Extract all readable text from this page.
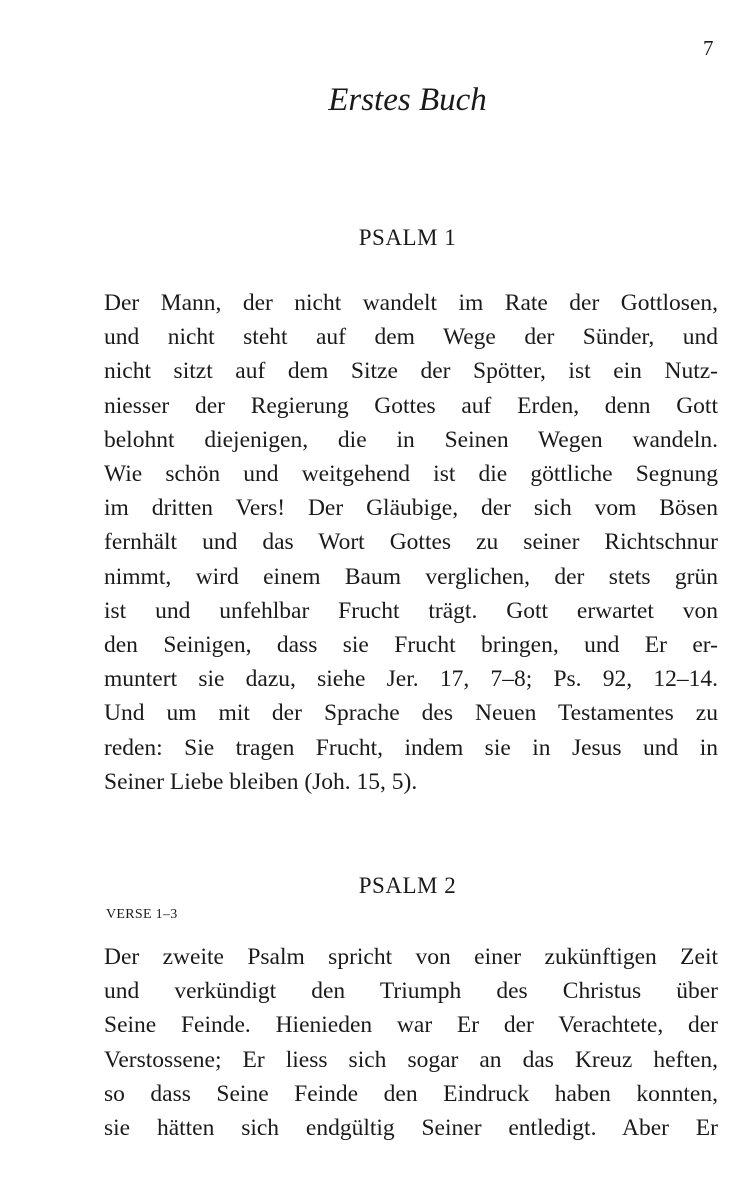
7
Erstes Buch
PSALM 1
Der Mann, der nicht wandelt im Rate der Gottlosen,
und nicht steht auf dem Wege der Sünder, und
nicht sitzt auf dem Sitze der Spötter, ist ein Nutz-
niesser der Regierung Gottes auf Erden, denn Gott
belohnt diejenigen, die in Seinen Wegen wandeln.
Wie schön und weitgehend ist die göttliche Segnung
im dritten Vers! Der Gläubige, der sich vom Bösen
fernhält und das Wort Gottes zu seiner Richtschnur
nimmt, wird einem Baum verglichen, der stets grün
ist und unfehlbar Frucht trägt. Gott erwartet von
den Seinigen, dass sie Frucht bringen, und Er er-
muntert sie dazu, siehe Jer. 17, 7–8; Ps. 92, 12–14.
Und um mit der Sprache des Neuen Testamentes zu
reden: Sie tragen Frucht, indem sie in Jesus und in
Seiner Liebe bleiben (Joh. 15, 5).
PSALM 2
VERSE 1–3
Der zweite Psalm spricht von einer zukünftigen Zeit
und verkündigt den Triumph des Christus über
Seine Feinde. Hienieden war Er der Verachtete, der
Verstossene; Er liess sich sogar an das Kreuz heften,
so dass Seine Feinde den Eindruck haben konnten,
sie hätten sich endgültig Seiner entledigt. Aber Er
